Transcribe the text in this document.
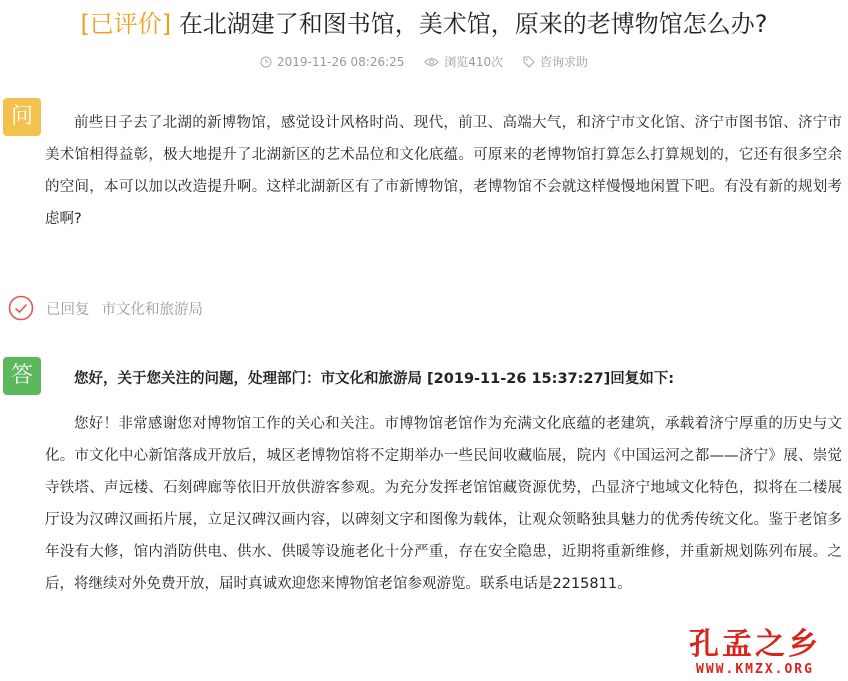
[已评价] 在北湖建了和图书馆，美术馆，原来的老博物馆怎么办?
2019-11-26 08:26:25
	浏览410次
	咨询求助
问	前些日子去了北湖的新博物馆，感觉设计风格时尚、现代，前卫、高端大气，和济宁市文化馆、济宁市图书馆、济宁市美术馆相得益彰，极大地提升了北湖新区的艺术品位和文化底蕴。可原来的老博物馆打算怎么打算规划的，它还有很多空余的空间，本可以加以改造提升啊。这样北湖新区有了市新博物馆，老博物馆不会就这样慢慢地闲置下吧。有没有新的规划考虑啊?
已回复 市文化和旅游局
答	您好，关于您关注的问题，处理部门：市文化和旅游局 [2019-11-26 15:37:27]回复如下:
您好！非常感谢您对博物馆工作的关心和关注。市博物馆老馆作为充满文化底蕴的老建筑，承载着济宁厚重的历史与文化。市文化中心新馆落成开放后，城区老博物馆将不定期举办一些民间收藏临展，院内《中国运河之都——济宁》展、崇觉寺铁塔、声远楼、石刻碑廊等依旧开放供游客参观。为充分发挥老馆馆藏资源优势，凸显济宁地域文化特色，拟将在二楼展厅设为汉碑汉画拓片展，立足汉碑汉画内容，以碑刻文字和图像为载体，让观众领略独具魅力的优秀传统文化。鉴于老馆多年没有大修，馆内消防供电、供水、供暖等设施老化十分严重，存在安全隐患，近期将重新维修，并重新规划陈列布展。之后，将继续对外免费开放，届时真诚欢迎您来博物馆老馆参观游览。联系电话是2215811。
孔孟之乡
WWW.KMZX.ORG
